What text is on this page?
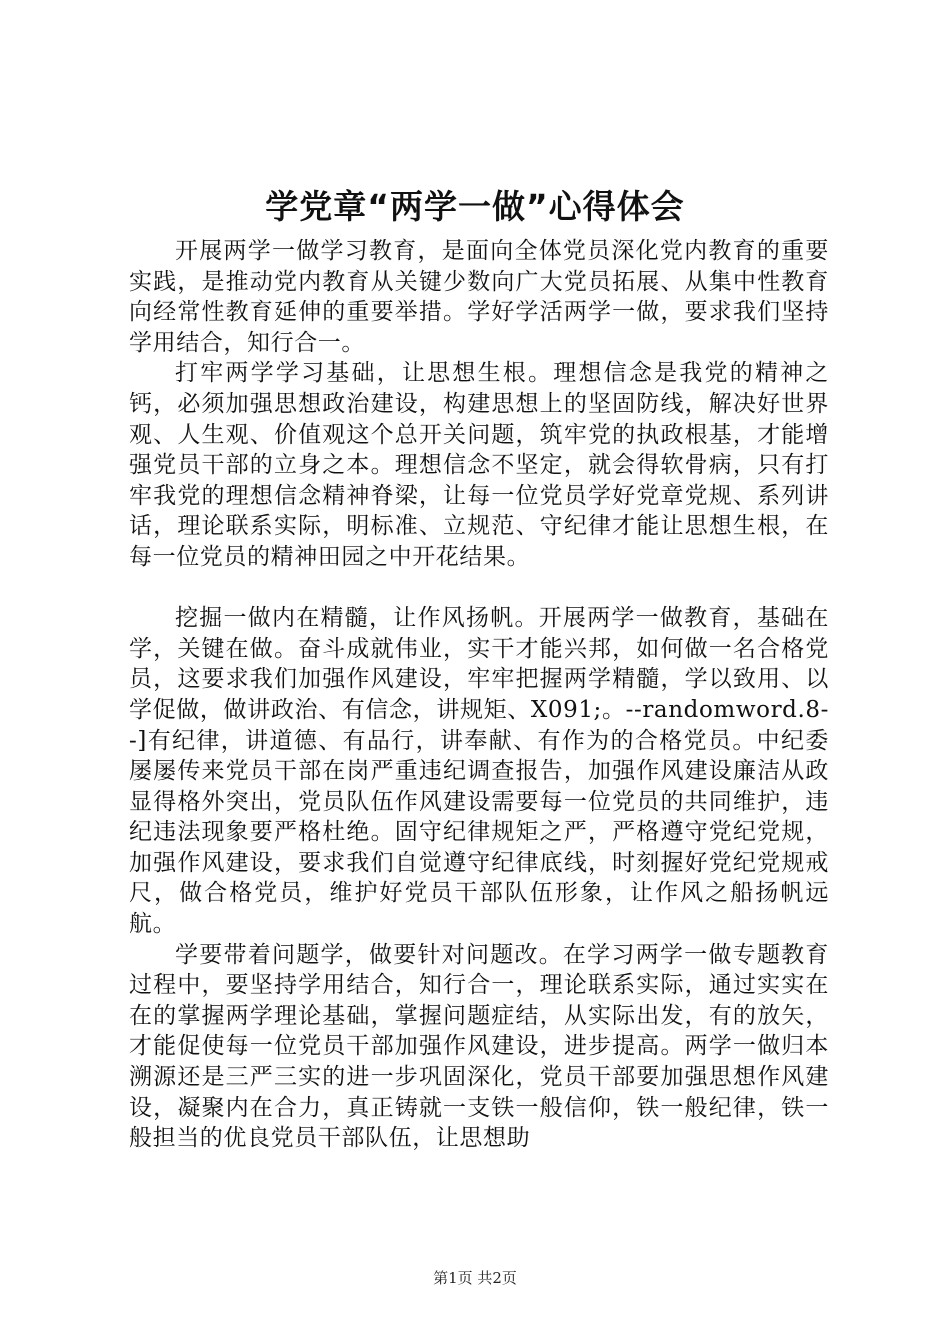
学党章“两学一做”心得体会

开展两学一做学习教育，是面向全体党员深化党内教育的重要实践，是推动党内教育从关键少数向广大党员拓展、从集中性教育向经常性教育延伸的重要举措。学好学活两学一做，要求我们坚持学用结合，知行合一。

打牢两学学习基础，让思想生根。理想信念是我党的精神之钙，必须加强思想政治建设，构建思想上的坚固防线，解决好世界观、人生观、价值观这个总开关问题，筑牢党的执政根基，才能增强党员干部的立身之本。理想信念不坚定，就会得软骨病，只有打牢我党的理想信念精神脊梁，让每一位党员学好党章党规、系列讲话，理论联系实际，明标准、立规范、守纪律才能让思想生根，在每一位党员的精神田园之中开花结果。

挖掘一做内在精髓，让作风扬帆。开展两学一做教育，基础在学，关键在做。奋斗成就伟业，实干才能兴邦，如何做一名合格党员，这要求我们加强作风建设，牢牢把握两学精髓，学以致用、以学促做，做讲政治、有信念，讲规矩、X091;。--randomword.8--]有纪律，讲道德、有品行，讲奉献、有作为的合格党员。中纪委屡屡传来党员干部在岗严重违纪调查报告，加强作风建设廉洁从政显得格外突出，党员队伍作风建设需要每一位党员的共同维护，违纪违法现象要严格杜绝。固守纪律规矩之严，严格遵守党纪党规，加强作风建设，要求我们自觉遵守纪律底线，时刻握好党纪党规戒尺，做合格党员，维护好党员干部队伍形象，让作风之船扬帆远航。

学要带着问题学，做要针对问题改。在学习两学一做专题教育过程中，要坚持学用结合，知行合一，理论联系实际，通过实实在在的掌握两学理论基础，掌握问题症结，从实际出发，有的放矢，才能促使每一位党员干部加强作风建设，进步提高。两学一做归本溯源还是三严三实的进一步巩固深化，党员干部要加强思想作风建设，凝聚内在合力，真正铸就一支铁一般信仰，铁一般纪律，铁一般担当的优良党员干部队伍，让思想助

第1页 共2页
